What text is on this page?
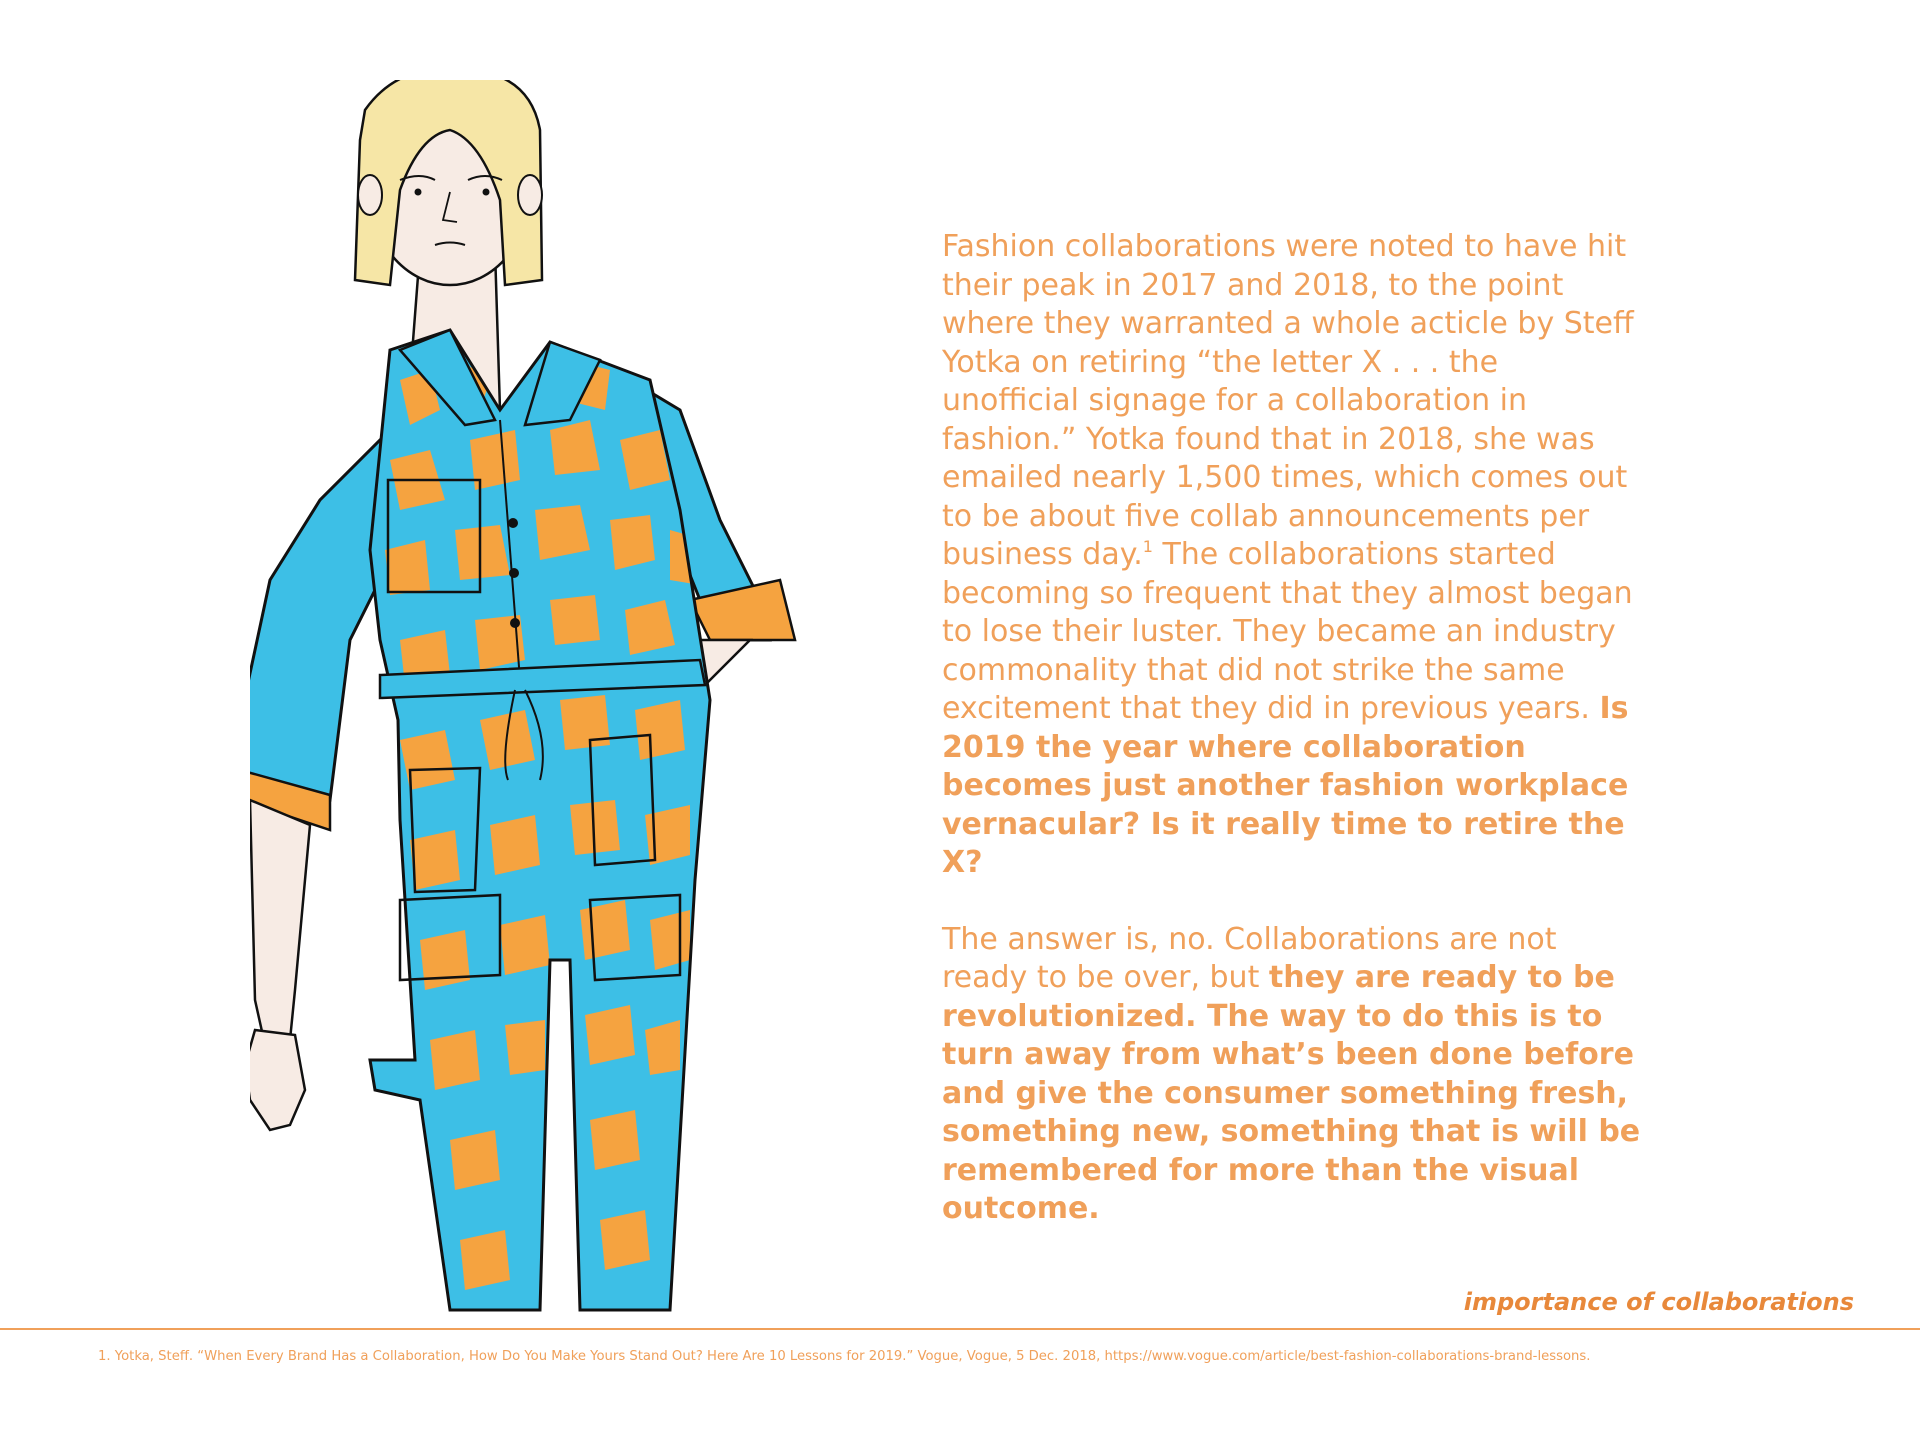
Fashion collaborations were noted to have hit their peak in 2017 and 2018, to the point where they warranted a whole acticle by Steff Yotka on retiring “the letter X . . . the unofficial signage for a collaboration in fashion.” Yotka found that in 2018, she was emailed nearly 1,500 times, which comes out to be about five collab announcements per business day.$^1$ The collaborations started becoming so frequent that they almost began to lose their luster. They became an industry commonality that did not strike the same excitement that they did in previous years. Is 2019 the year where collaboration becomes just another fashion workplace vernacular? Is it really time to retire the X?

The answer is, no. Collaborations are not ready to be over, but they are ready to be revolutionized. The way to do this is to turn away from what’s been done before and give the consumer something fresh, something new, something that is will be remembered for more than the visual outcome.

importance of collaborations
1. Yotka, Steff. “When Every Brand Has a Collaboration, How Do You Make Yours Stand Out? Here Are 10 Lessons for 2019.” Vogue, Vogue, 5 Dec. 2018, https://www.vogue.com/article/best-fashion-collaborations-brand-lessons.
